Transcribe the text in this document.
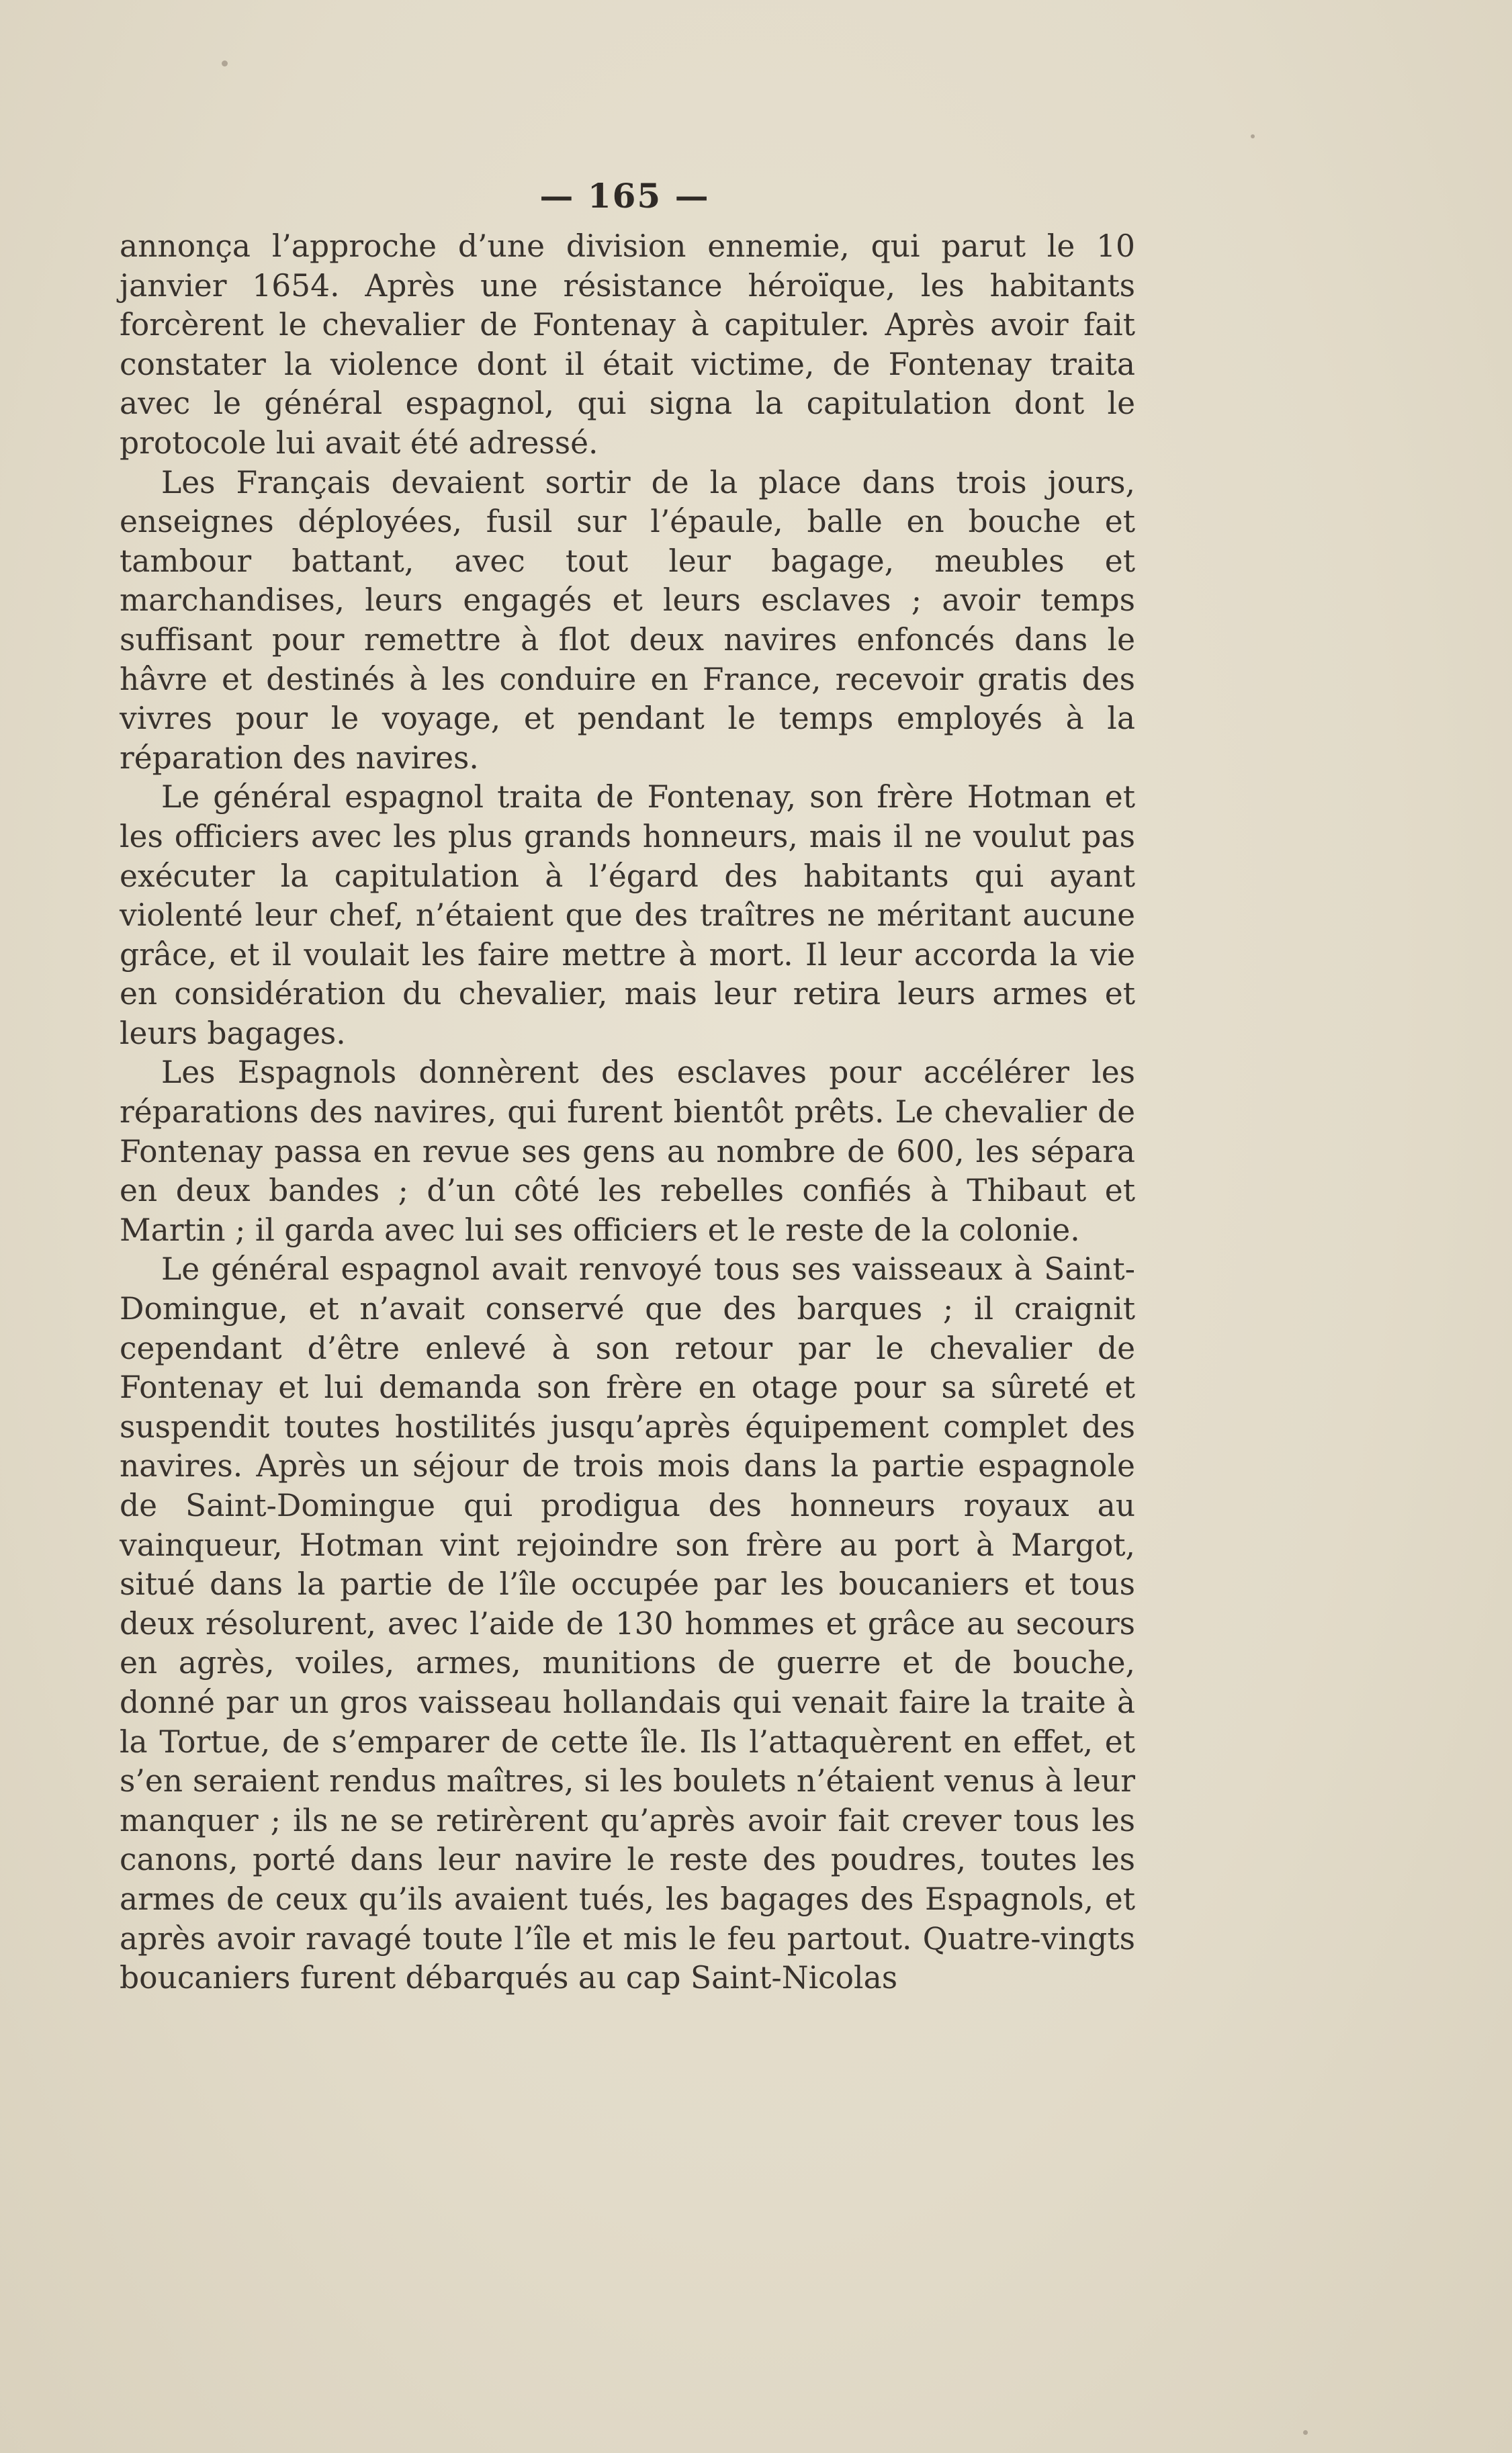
— 165 —

annonça l’approche d’une division ennemie, qui parut le 10 janvier 1654. Après une résistance héroïque, les habitants forcèrent le chevalier de Fontenay à capituler. Après avoir fait constater la violence dont il était victime, de Fontenay traita avec le général espagnol, qui signa la capitulation dont le protocole lui avait été adressé.

Les Français devaient sortir de la place dans trois jours, enseignes déployées, fusil sur l’épaule, balle en bouche et tambour battant, avec tout leur bagage, meubles et marchandises, leurs engagés et leurs esclaves ; avoir temps suffisant pour remettre à flot deux navires enfoncés dans le hâvre et destinés à les conduire en France, recevoir gratis des vivres pour le voyage, et pendant le temps employés à la réparation des navires.

Le général espagnol traita de Fontenay, son frère Hotman et les officiers avec les plus grands honneurs, mais il ne voulut pas exécuter la capitulation à l’égard des habitants qui ayant violenté leur chef, n’étaient que des traîtres ne méritant aucune grâce, et il voulait les faire mettre à mort. Il leur accorda la vie en considération du chevalier, mais leur retira leurs armes et leurs bagages.

Les Espagnols donnèrent des esclaves pour accélérer les réparations des navires, qui furent bientôt prêts. Le chevalier de Fontenay passa en revue ses gens au nombre de 600, les sépara en deux bandes ; d’un côté les rebelles confiés à Thibaut et Martin ; il garda avec lui ses officiers et le reste de la colonie.

Le général espagnol avait renvoyé tous ses vaisseaux à Saint-Domingue, et n’avait conservé que des barques ; il craignit cependant d’être enlevé à son retour par le chevalier de Fontenay et lui demanda son frère en otage pour sa sûreté et suspendit toutes hostilités jusqu’après équipement complet des navires. Après un séjour de trois mois dans la partie espagnole de Saint-Domingue qui prodigua des honneurs royaux au vainqueur, Hotman vint rejoindre son frère au port à Margot, situé dans la partie de l’île occupée par les boucaniers et tous deux résolurent, avec l’aide de 130 hommes et grâce au secours en agrès, voiles, armes, munitions de guerre et de bouche, donné par un gros vaisseau hollandais qui venait faire la traite à la Tortue, de s’emparer de cette île. Ils l’attaquèrent en effet, et s’en seraient rendus maîtres, si les boulets n’étaient venus à leur manquer ; ils ne se retirèrent qu’après avoir fait crever tous les canons, porté dans leur navire le reste des poudres, toutes les armes de ceux qu’ils avaient tués, les bagages des Espagnols, et après avoir ravagé toute l’île et mis le feu partout. Quatre-vingts boucaniers furent débarqués au cap Saint-Nicolas
